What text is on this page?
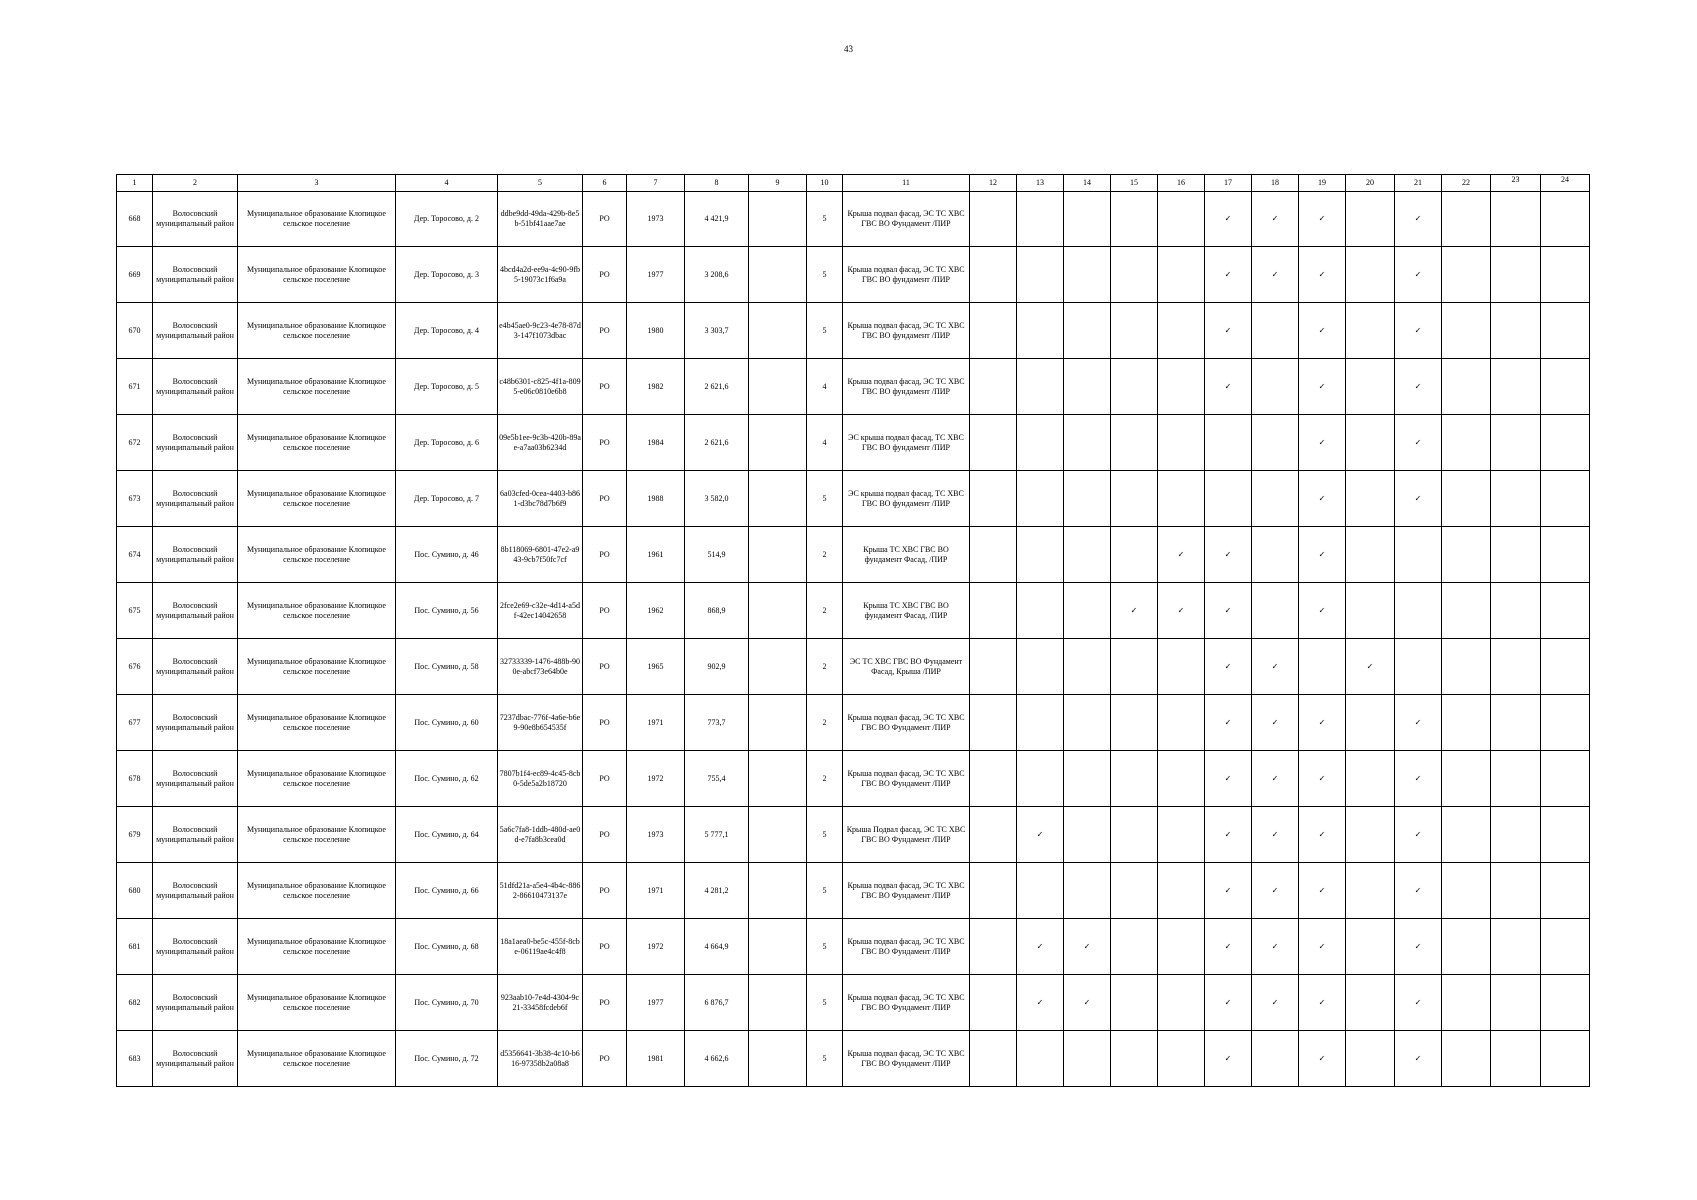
43
1	2	3	4	5	6	7	8	9	10	11	12	13	14	15	16	17	18	19	20	21	22	23	24
668	Волосовский муниципальный район	Муниципальное образование Клопицкое сельское поселение	Дер. Торосово, д. 2	ddbe9dd-49da-429b-8e5b-51bf41aae7ae	РО	1973	4 421,9		5	Крыша подвал фасад, ЭС ТС ХВС ГВС ВО Фундамент /ПИР						✓	✓	✓		✓			
669	Волосовский муниципальный район	Муниципальное образование Клопицкое сельское поселение	Дер. Торосово, д. 3	4bcd4a2d-ee9a-4c90-9fb5-19073c1f6a9a	РО	1977	3 208,6		5	Крыша подвал фасад, ЭС ТС ХВС ГВС ВО фундамент /ПИР						✓	✓	✓		✓			
670	Волосовский муниципальный район	Муниципальное образование Клопицкое сельское поселение	Дер. Торосово, д. 4	e4b45ae0-9c23-4e78-87d3-147f1073dbac	РО	1980	3 303,7		5	Крыша подвал фасад, ЭС ТС ХВС ГВС ВО фундамент /ПИР						✓		✓		✓			
671	Волосовский муниципальный район	Муниципальное образование Клопицкое сельское поселение	Дер. Торосово, д. 5	c48b6301-c825-4f1a-8095-e06c0810e6b8	РО	1982	2 621,6		4	Крыша подвал фасад, ЭС ТС ХВС ГВС ВО фундамент /ПИР						✓		✓		✓			
672	Волосовский муниципальный район	Муниципальное образование Клопицкое сельское поселение	Дер. Торосово, д. 6	09e5b1ee-9c3b-420b-89ae-a7aa03b6234d	РО	1984	2 621,6		4	ЭС крыша подвал фасад, ТС ХВС ГВС ВО фундамент /ПИР								✓		✓			
673	Волосовский муниципальный район	Муниципальное образование Клопицкое сельское поселение	Дер. Торосово, д. 7	6a03cfed-0cea-4403-b861-d3bc78d7b6f9	РО	1988	3 582,0		5	ЭС крыша подвал фасад, ТС ХВС ГВС ВО фундамент /ПИР								✓		✓			
674	Волосовский муниципальный район	Муниципальное образование Клопицкое сельское поселение	Пос. Сумино, д. 46	8b118069-6801-47e2-a943-9cb7f50fc7cf	РО	1961	514,9		2	Крыша ТС ХВС ГВС ВО фундамент Фасад, /ПИР					✓	✓		✓					
675	Волосовский муниципальный район	Муниципальное образование Клопицкое сельское поселение	Пос. Сумино, д. 56	2fce2e69-c32e-4d14-a5df-42ec14042658	РО	1962	868,9		2	Крыша ТС ХВС ГВС ВО фундамент Фасад, /ПИР				✓	✓	✓		✓					
676	Волосовский муниципальный район	Муниципальное образование Клопицкое сельское поселение	Пос. Сумино, д. 58	32733339-1476-488b-900e-abcf73e64b0e	РО	1965	902,9		2	ЭС ТС ХВС ГВС ВО Фундамент Фасад, Крыша /ПИР						✓	✓		✓				
677	Волосовский муниципальный район	Муниципальное образование Клопицкое сельское поселение	Пос. Сумино, д. 60	7237dbac-776f-4a6e-b6e9-90e8b654535f	РО	1971	773,7		2	Крыша подвал фасад, ЭС ТС ХВС ГВС ВО Фундамент /ПИР						✓	✓	✓		✓			
678	Волосовский муниципальный район	Муниципальное образование Клопицкое сельское поселение	Пос. Сумино, д. 62	7807b1f4-ec89-4c45-8cb0-5de5a2b18720	РО	1972	755,4		2	Крыша подвал фасад, ЭС ТС ХВС ГВС ВО Фундамент /ПИР						✓	✓	✓		✓			
679	Волосовский муниципальный район	Муниципальное образование Клопицкое сельское поселение	Пос. Сумино, д. 64	5a6c7fa8-1ddb-480d-ae0d-e7fa8b3cea0d	РО	1973	5 777,1		5	Крыша Подвал фасад, ЭС ТС ХВС ГВС ВО Фундамент /ПИР		✓				✓	✓	✓		✓			
680	Волосовский муниципальный район	Муниципальное образование Клопицкое сельское поселение	Пос. Сумино, д. 66	51dfd21a-a5e4-4b4c-8862-86610473137e	РО	1971	4 281,2		5	Крыша подвал фасад, ЭС ТС ХВС ГВС ВО Фундамент /ПИР						✓	✓	✓		✓			
681	Волосовский муниципальный район	Муниципальное образование Клопицкое сельское поселение	Пос. Сумино, д. 68	18a1aea0-be5c-455f-8cbe-06119ae4c4f8	РО	1972	4 664,9		5	Крыша подвал фасад, ЭС ТС ХВС ГВС ВО Фундамент /ПИР		✓	✓			✓	✓	✓		✓			
682	Волосовский муниципальный район	Муниципальное образование Клопицкое сельское поселение	Пос. Сумино, д. 70	923aab10-7e4d-4304-9c21-33458fcdeb6f	РО	1977	6 876,7		5	Крыша подвал фасад, ЭС ТС ХВС ГВС ВО Фундамент /ПИР		✓	✓			✓	✓	✓		✓			
683	Волосовский муниципальный район	Муниципальное образование Клопицкое сельское поселение	Пос. Сумино, д. 72	d5356641-3b38-4c10-b616-97358b2a08a8	РО	1981	4 662,6		5	Крыша подвал фасад, ЭС ТС ХВС ГВС ВО Фундамент /ПИР						✓		✓		✓			
